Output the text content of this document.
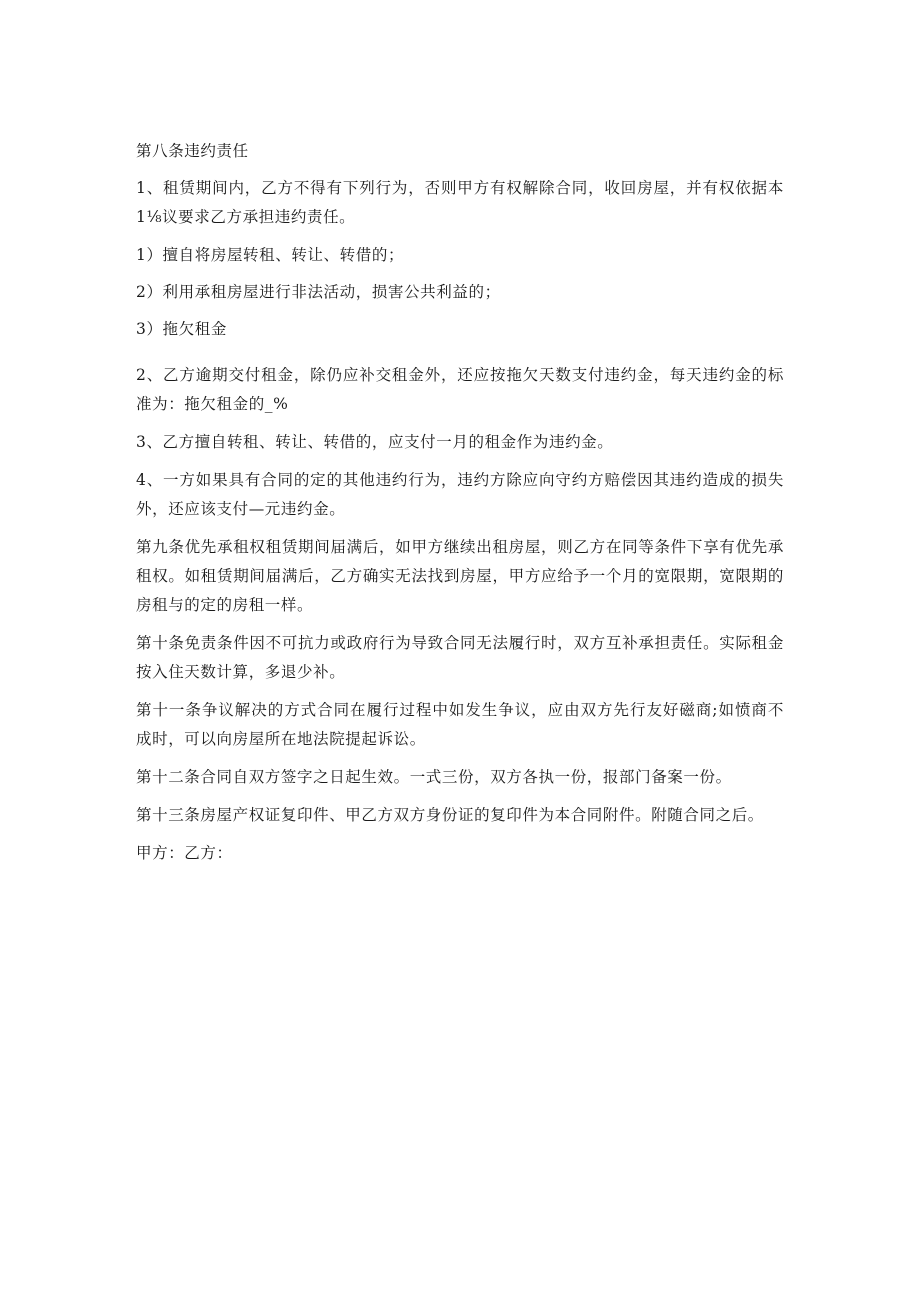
第八条违约责任

1、租赁期间内，乙方不得有下列行为，否则甲方有权解除合同，收回房屋，并有权依据本1⅛议要求乙方承担违约责任。

1）擅自将房屋转租、转让、转借的；

2）利用承租房屋进行非法活动，损害公共利益的；

3）拖欠租金

2、乙方逾期交付租金，除仍应补交租金外，还应按拖欠天数支付违约金，每天违约金的标准为：拖欠租金的_%

3、乙方擅自转租、转让、转借的，应支付一月的租金作为违约金。

4、一方如果具有合同的定的其他违约行为，违约方除应向守约方赔偿因其违约造成的损失外，还应该支付—元违约金。

第九条优先承租权租赁期间届满后，如甲方继续出租房屋，则乙方在同等条件下享有优先承租权。如租赁期间届满后，乙方确实无法找到房屋，甲方应给予一个月的宽限期，宽限期的房租与的定的房租一样。

第十条免责条件因不可抗力或政府行为导致合同无法履行时，双方互补承担责任。实际租金按入住天数计算，多退少补。

第十一条争议解决的方式合同在履行过程中如发生争议，应由双方先行友好磁商;如愤商不成时，可以向房屋所在地法院提起诉讼。

第十二条合同自双方签字之日起生效。一式三份，双方各执一份，报部门备案一份。

第十三条房屋产权证复印件、甲乙方双方身份证的复印件为本合同附件。附随合同之后。

甲方：乙方：
